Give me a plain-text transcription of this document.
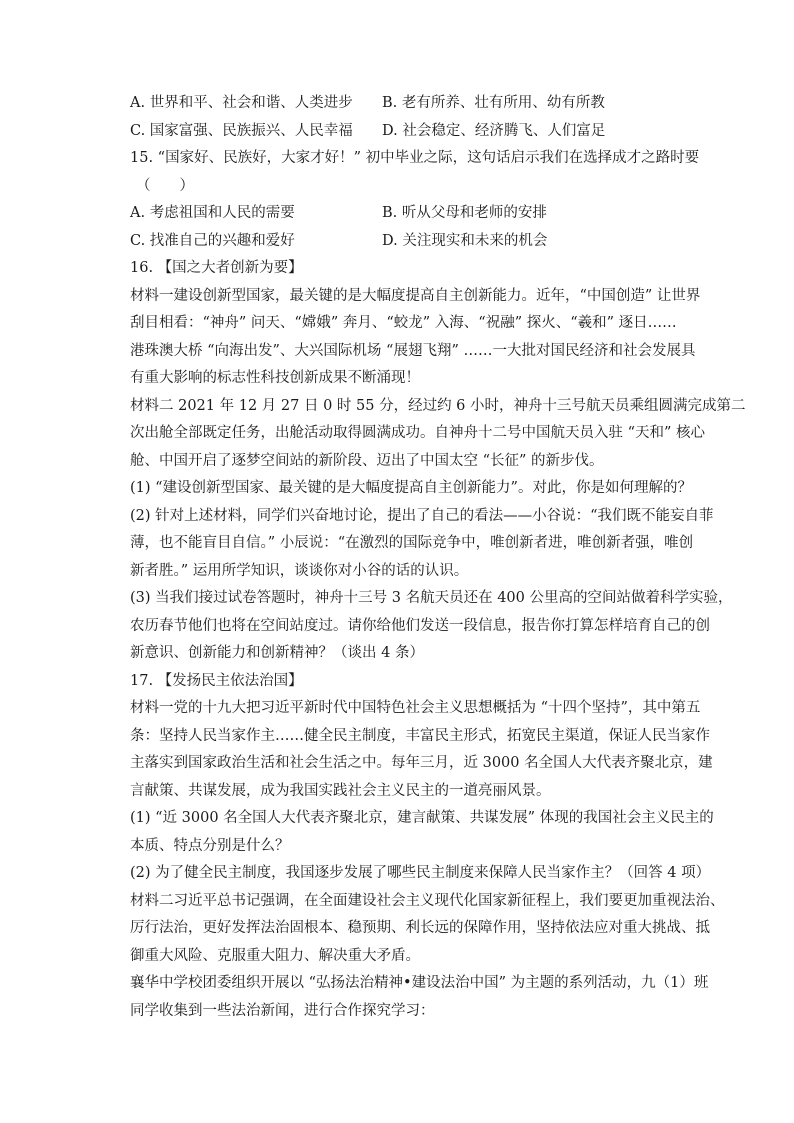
A. 世界和平、社会和谐、人类进步	B. 老有所养、壮有所用、幼有所教
C. 国家富强、民族振兴、人民幸福	D. 社会稳定、经济腾飞、人们富足
15. “国家好、民族好，大家才好！” 初中毕业之际，这句话启示我们在选择成才之路时要
（　　）
A. 考虑祖国和人民的需要	B. 听从父母和老师的安排
C. 找准自己的兴趣和爱好	D. 关注现实和未来的机会
16. 【国之大者创新为要】
材料一建设创新型国家，最关键的是大幅度提高自主创新能力。近年，“中国创造” 让世界
刮目相看：“神舟” 问天、“嫦娥” 奔月、“蛟龙” 入海、“祝融” 探火、“羲和” 逐日……
港珠澳大桥 “向海出发”、大兴国际机场 “展翅飞翔” ……一大批对国民经济和社会发展具
有重大影响的标志性科技创新成果不断涌现！
材料二 2021 年 12 月 27 日 0 时 55 分，经过约 6 小时，神舟十三号航天员乘组圆满完成第二
次出舱全部既定任务，出舱活动取得圆满成功。自神舟十二号中国航天员入驻 “天和” 核心
舱、中国开启了逐梦空间站的新阶段、迈出了中国太空 “长征” 的新步伐。
(1) “建设创新型国家、最关键的是大幅度提高自主创新能力”。对此，你是如何理解的？
(2) 针对上述材料，同学们兴奋地讨论，提出了自己的看法——小谷说：“我们既不能妄自菲
薄，也不能盲目自信。” 小辰说：“在激烈的国际竞争中，唯创新者进，唯创新者强，唯创
新者胜。” 运用所学知识，谈谈你对小谷的话的认识。
(3) 当我们接过试卷答题时，神舟十三号 3 名航天员还在 400 公里高的空间站做着科学实验，
农历春节他们也将在空间站度过。请你给他们发送一段信息，报告你打算怎样培育自己的创
新意识、创新能力和创新精神？（谈出 4 条）
17. 【发扬民主依法治国】
材料一党的十九大把习近平新时代中国特色社会主义思想概括为 “十四个坚持”，其中第五
条：坚持人民当家作主……健全民主制度，丰富民主形式，拓宽民主渠道，保证人民当家作
主落实到国家政治生活和社会生活之中。每年三月，近 3000 名全国人大代表齐聚北京，建
言献策、共谋发展，成为我国实践社会主义民主的一道亮丽风景。
(1) “近 3000 名全国人大代表齐聚北京，建言献策、共谋发展” 体现的我国社会主义民主的
本质、特点分别是什么？
(2) 为了健全民主制度，我国逐步发展了哪些民主制度来保障人民当家作主？（回答 4 项）
材料二习近平总书记强调，在全面建设社会主义现代化国家新征程上，我们要更加重视法治、
厉行法治，更好发挥法治固根本、稳预期、利长远的保障作用，坚持依法应对重大挑战、抵
御重大风险、克服重大阻力、解决重大矛盾。
襄华中学校团委组织开展以 “弘扬法治精神•建设法治中国” 为主题的系列活动，九（1）班
同学收集到一些法治新闻，进行合作探究学习：
